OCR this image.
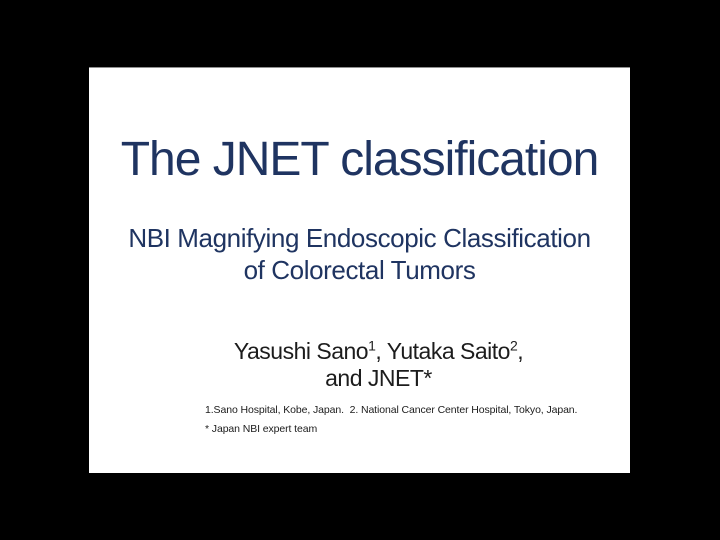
The JNET classification
NBI Magnifying Endoscopic Classification
of Colorectal Tumors
Yasushi Sano$^1$, Yutaka Saito$^2$,
and JNET*
1.Sano Hospital, Kobe, Japan.  2. National Cancer Center Hospital, Tokyo, Japan.
* Japan NBI expert team
